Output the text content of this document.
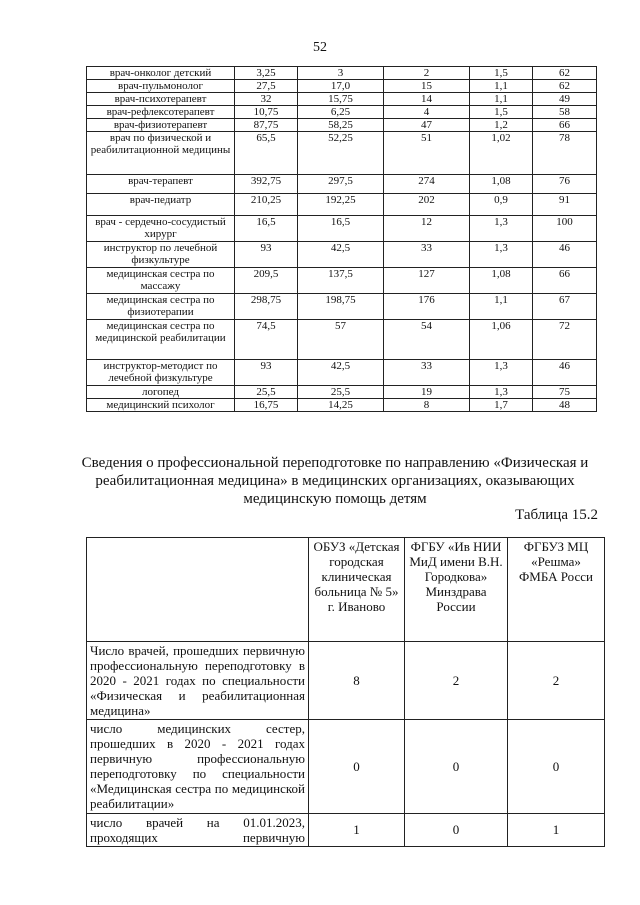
52
врач-онколог детский	3,25	3	2	1,5	62
врач-пульмонолог	27,5	17,0	15	1,1	62
врач-психотерапевт	32	15,75	14	1,1	49
врач-рефлексотерапевт	10,75	6,25	4	1,5	58
врач-физиотерапевт	87,75	58,25	47	1,2	66
врач по физической и реабилитационной медицины	65,5	52,25	51	1,02	78
врач-терапевт	392,75	297,5	274	1,08	76
врач-педиатр	210,25	192,25	202	0,9	91
врач - сердечно-сосудистый хирург	16,5	16,5	12	1,3	100
инструктор по лечебной физкультуре	93	42,5	33	1,3	46
медицинская сестра по массажу	209,5	137,5	127	1,08	66
медицинская сестра по физиотерапии	298,75	198,75	176	1,1	67
медицинская сестра по медицинской реабилитации	74,5	57	54	1,06	72
инструктор-методист по лечебной физкультуре	93	42,5	33	1,3	46
логопед	25,5	25,5	19	1,3	75
медицинский психолог	16,75	14,25	8	1,7	48
Сведения о профессиональной переподготовке по направлению «Физическая и реабилитационная медицина» в медицинских организациях, оказывающих медицинскую помощь детям
Таблица 15.2
	ОБУЗ «Детская городская клиническая больница № 5» г. Иваново	ФГБУ «Ив НИИ МиД имени В.Н. Городкова» Минздрава России	ФГБУЗ МЦ «Решма» ФМБА Росси
Число врачей, прошедших первичную профессиональную переподготовку в 2020 - 2021 годах по специальности «Физическая и реабилитационная медицина»	8	2	2
число медицинских сестер, прошедших в 2020 - 2021 годах первичную профессиональную переподготовку по специальности «Медицинская сестра по медицинской реабилитации»	0	0	0
число врачей на 01.01.2023, проходящих первичную	1	0	1
